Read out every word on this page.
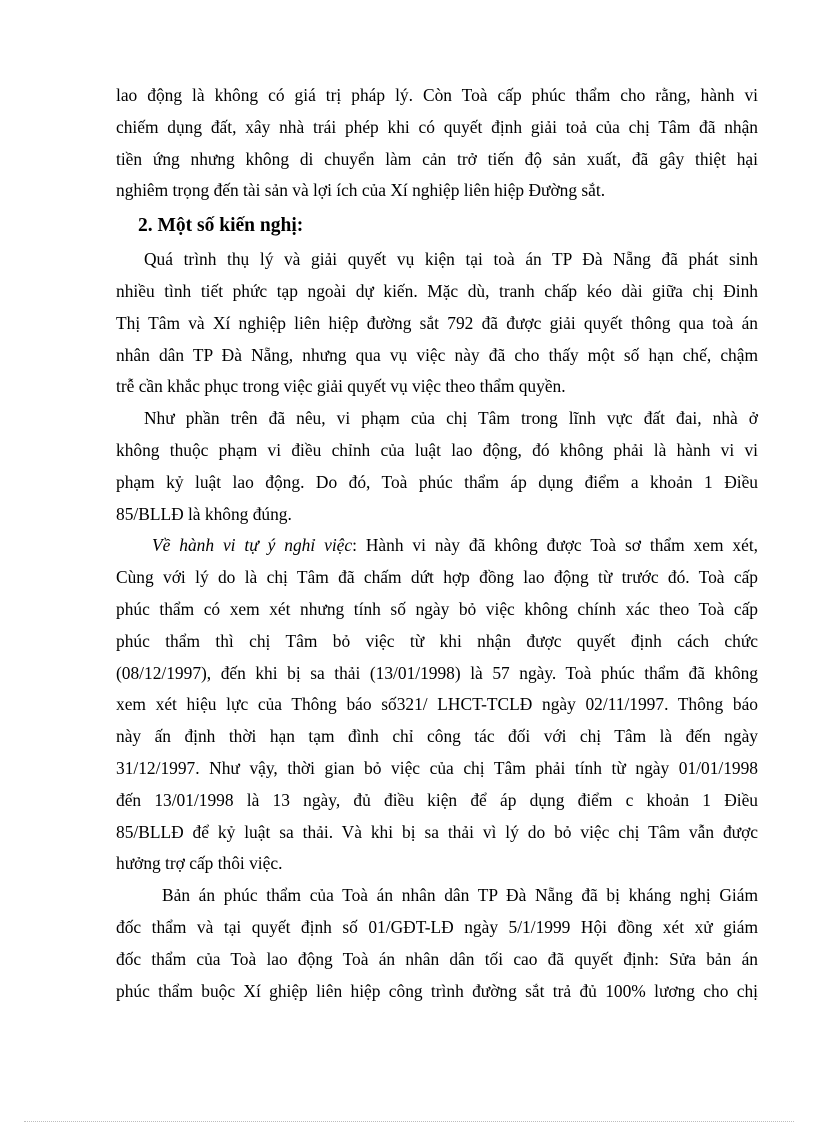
lao động là không có giá trị pháp lý. Còn Toà cấp phúc thẩm cho rằng, hành vi
chiếm dụng đất, xây nhà trái phép khi có quyết định giải toả của chị Tâm đã nhận
tiền ứng nhưng không di chuyển làm cản trở tiến độ sản xuất, đã gây thiệt hại
nghiêm trọng đến tài sản và lợi ích của Xí nghiệp liên hiệp Đường sắt.
2. Một số kiến nghị:
Quá trình thụ lý và giải quyết vụ kiện tại toà án TP Đà Nẵng đã phát sinh
nhiều tình tiết phức tạp ngoài dự kiến. Mặc dù, tranh chấp kéo dài giữa chị Đinh
Thị Tâm và Xí nghiệp liên hiệp đường sắt 792 đã được giải quyết thông qua toà án
nhân dân TP Đà Nẵng, nhưng qua vụ việc này đã cho thấy một số hạn chế, chậm
trễ cần khắc phục trong việc giải quyết vụ việc theo thẩm quyền.
Như phần trên đã nêu, vi phạm của chị Tâm trong lĩnh vực đất đai, nhà ở
không thuộc phạm vi điều chỉnh của luật lao động, đó không phải là hành vi vi
phạm kỷ luật lao động. Do đó, Toà phúc thẩm áp dụng điểm a khoản 1 Điều
85/BLLĐ là không đúng.
Về hành vi tự ý nghỉ việc: Hành vi này đã không được Toà sơ thẩm xem xét,
Cùng với lý do là chị Tâm đã chấm dứt hợp đồng lao động từ trước đó. Toà cấp
phúc thẩm có xem xét nhưng tính số ngày bỏ việc không chính xác theo Toà cấp
phúc thẩm thì chị Tâm bỏ việc từ khi nhận được quyết định cách chức
(08/12/1997), đến khi bị sa thải (13/01/1998) là 57 ngày. Toà phúc thẩm đã không
xem xét hiệu lực của Thông báo số321/ LHCT-TCLĐ ngày 02/11/1997. Thông báo
này ấn định thời hạn tạm đình chỉ công tác đối với chị Tâm là đến ngày
31/12/1997. Như vậy, thời gian bỏ việc của chị Tâm phải tính từ ngày 01/01/1998
đến 13/01/1998 là 13 ngày, đủ điều kiện để áp dụng điểm c khoản 1 Điều
85/BLLĐ để kỷ luật sa thải. Và khi bị sa thải vì lý do bỏ việc chị Tâm vẫn được
hưởng trợ cấp thôi việc.
Bản án phúc thẩm của Toà án nhân dân TP Đà Nẵng đã bị kháng nghị Giám
đốc thẩm và tại quyết định số 01/GĐT-LĐ ngày 5/1/1999 Hội đồng xét xử giám
đốc thẩm của Toà lao động Toà án nhân dân tối cao đã quyết định: Sửa bản án
phúc thẩm buộc Xí ghiệp liên hiệp công trình đường sắt trả đủ 100% lương cho chị
